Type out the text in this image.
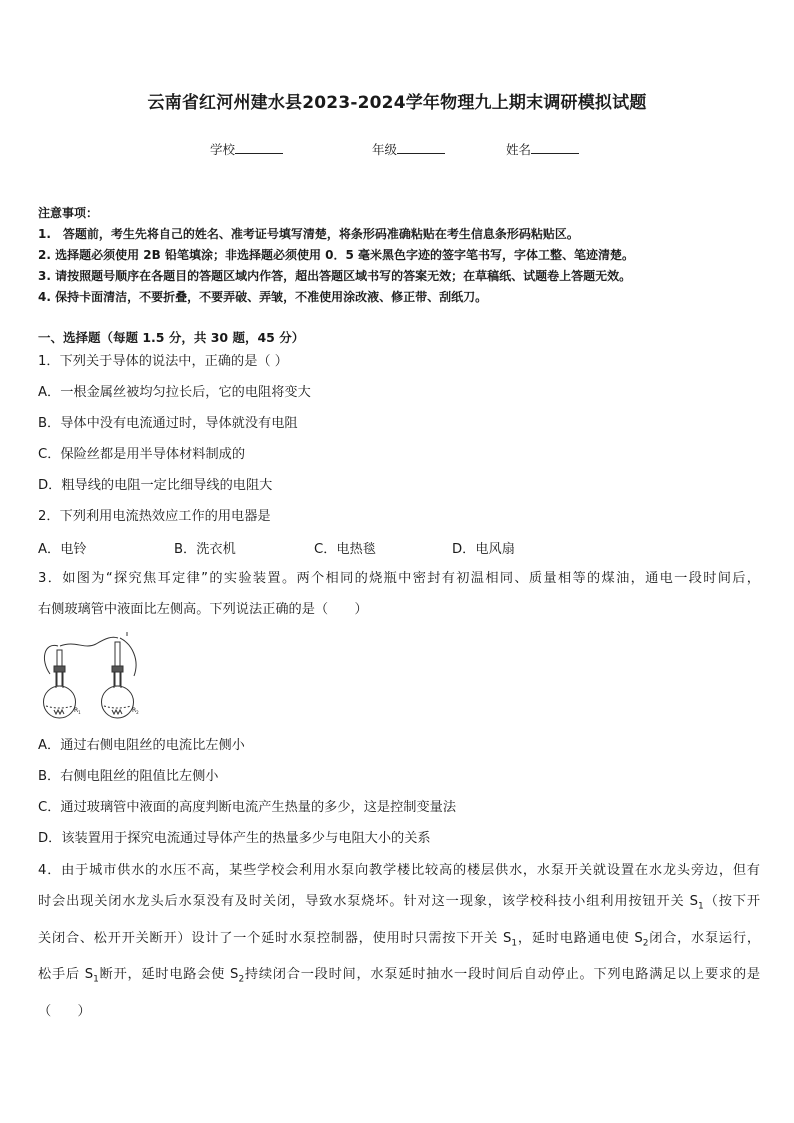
云南省红河州建水县2023-2024学年物理九上期末调研模拟试题
学校	年级	姓名
注意事项：
1.　答题前，考生先将自己的姓名、准考证号填写清楚，将条形码准确粘贴在考生信息条形码粘贴区。
2. 选择题必须使用 2B 铅笔填涂；非选择题必须使用 0．5 毫米黑色字迹的签字笔书写，字体工整、笔迹清楚。
3. 请按照题号顺序在各题目的答题区域内作答，超出答题区域书写的答案无效；在草稿纸、试题卷上答题无效。
4. 保持卡面清洁，不要折叠，不要弄破、弄皱，不准使用涂改液、修正带、刮纸刀。
一、选择题（每题 1.5 分，共 30 题，45 分）
1．下列关于导体的说法中，正确的是（ ）
A．一根金属丝被均匀拉长后，它的电阻将变大
B．导体中没有电流通过时，导体就没有电阻
C．保险丝都是用半导体材料制成的
D．粗导线的电阻一定比细导线的电阻大
2．下列利用电流热效应工作的用电器是
A．电铃	B．洗衣机	C．电热毯	D．电风扇
3．如图为“探究焦耳定律”的实验装置。两个相同的烧瓶中密封有初温相同、质量相等的煤油，通电一段时间后，
右侧玻璃管中液面比左侧高。下列说法正确的是（　　）
$R_1$	$R_2$
A．通过右侧电阻丝的电流比左侧小
B．右侧电阻丝的阻值比左侧小
C．通过玻璃管中液面的高度判断电流产生热量的多少，这是控制变量法
D．该装置用于探究电流通过导体产生的热量多少与电阻大小的关系
4．由于城市供水的水压不高，某些学校会利用水泵向教学楼比较高的楼层供水，水泵开关就设置在水龙头旁边，但有
时会出现关闭水龙头后水泵没有及时关闭，导致水泵烧坏。针对这一现象，该学校科技小组利用按钮开关 $S_1$（按下开
关闭合、松开开关断开）设计了一个延时水泵控制器，使用时只需按下开关 $S_1$，延时电路通电使 $S_2$闭合，水泵运行，
松手后 $S_1$断开，延时电路会使 $S_2$持续闭合一段时间，水泵延时抽水一段时间后自动停止。下列电路满足以上要求的是
（　　）
